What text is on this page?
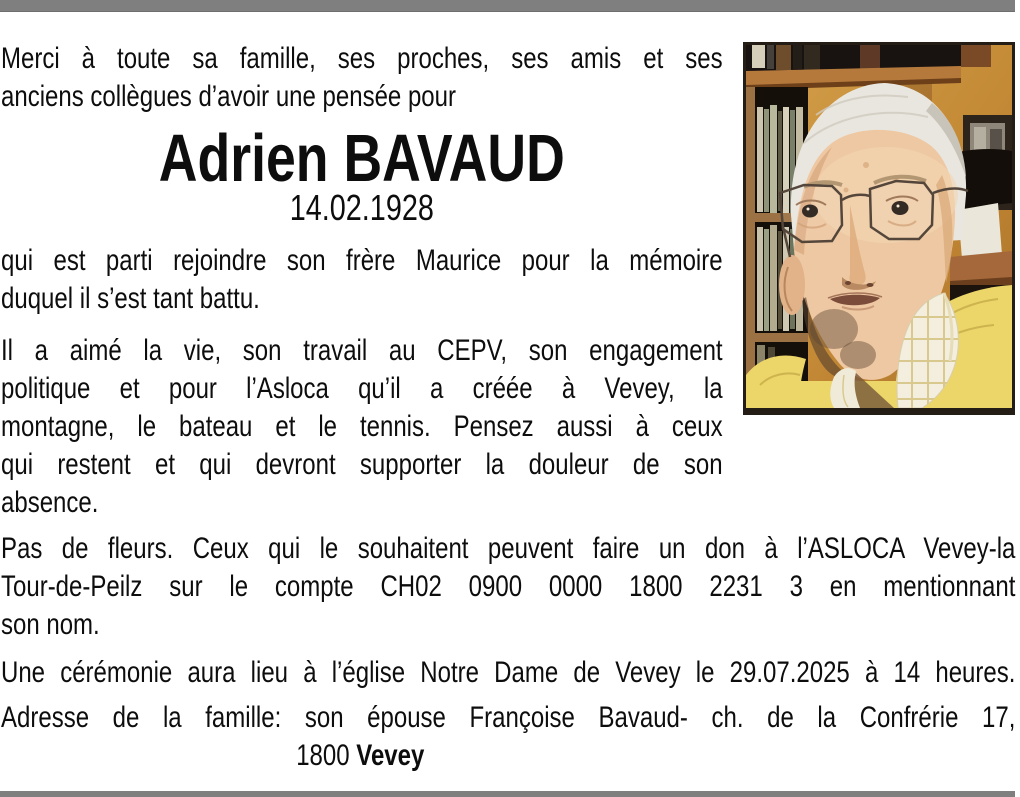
Merci à toute sa famille, ses proches, ses amis et ses
anciens collègues d’avoir une pensée pour
Adrien BAVAUD
14.02.1928
qui est parti rejoindre son frère Maurice pour la mémoire
duquel il s’est tant battu.
Il a aimé la vie, son travail au CEPV, son engagement
politique et pour l’Asloca qu’il a créée à Vevey, la
montagne, le bateau et le tennis. Pensez aussi à ceux
qui restent et qui devront supporter la douleur de son
absence.
Pas de fleurs. Ceux qui le souhaitent peuvent faire un don à l’ASLOCA Vevey-la
Tour-de-Peilz sur le compte CH02 0900 0000 1800 2231 3 en mentionnant
son nom.
Une cérémonie aura lieu à l’église Notre Dame de Vevey le 29.07.2025 à 14 heures.
Adresse de la famille: son épouse Françoise Bavaud- ch. de la Confrérie 17,
1800 Vevey
